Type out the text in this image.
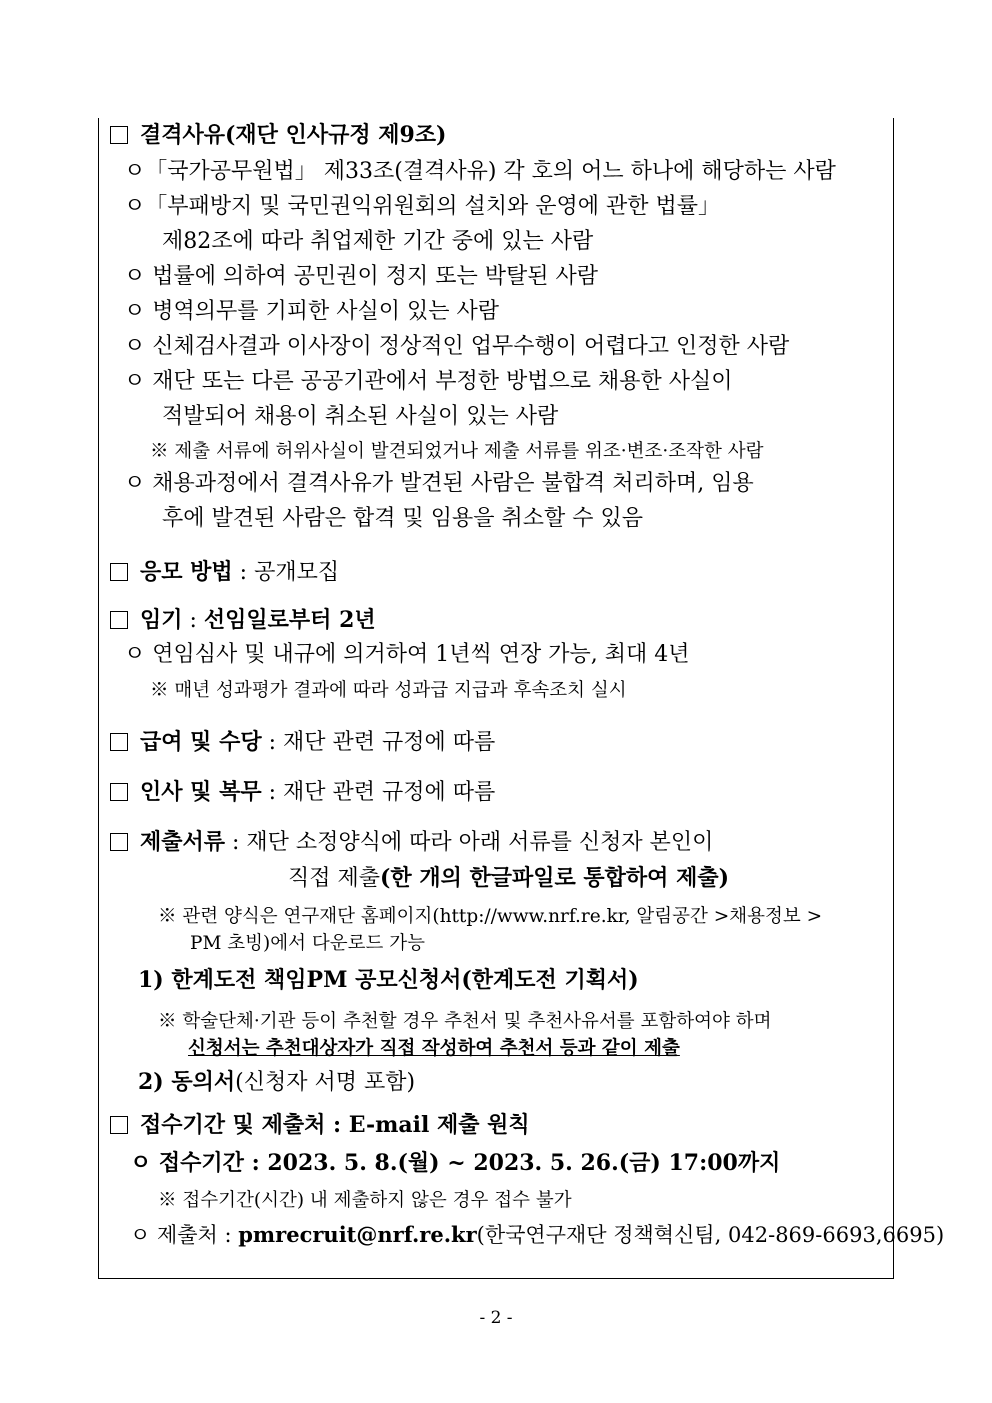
결격사유(재단 인사규정 제9조)
ㅇ「국가공무원법」 제33조(결격사유) 각 호의 어느 하나에 해당하는 사람
ㅇ「부패방지 및 국민권익위원회의 설치와 운영에 관한 법률」
제82조에 따라 취업제한 기간 중에 있는 사람
ㅇ 법률에 의하여 공민권이 정지 또는 박탈된 사람
ㅇ 병역의무를 기피한 사실이 있는 사람
ㅇ 신체검사결과 이사장이 정상적인 업무수행이 어렵다고 인정한 사람
ㅇ 재단 또는 다른 공공기관에서 부정한 방법으로 채용한 사실이
적발되어 채용이 취소된 사실이 있는 사람
※ 제출 서류에 허위사실이 발견되었거나 제출 서류를 위조·변조·조작한 사람
ㅇ 채용과정에서 결격사유가 발견된 사람은 불합격 처리하며, 임용
후에 발견된 사람은 합격 및 임용을 취소할 수 있음
응모 방법 : 공개모집
임기 : 선임일로부터 2년
ㅇ 연임심사 및 내규에 의거하여 1년씩 연장 가능, 최대 4년
※ 매년 성과평가 결과에 따라 성과급 지급과 후속조치 실시
급여 및 수당 : 재단 관련 규정에 따름
인사 및 복무 : 재단 관련 규정에 따름
제출서류 : 재단 소정양식에 따라 아래 서류를 신청자 본인이
직접 제출(한 개의 한글파일로 통합하여 제출)
※ 관련 양식은 연구재단 홈페이지(http://www.nrf.re.kr, 알림공간 >채용정보 >
PM 초빙)에서 다운로드 가능
1) 한계도전 책임PM 공모신청서(한계도전 기획서)
※ 학술단체·기관 등이 추천할 경우 추천서 및 추천사유서를 포함하여야 하며
신청서는 추천대상자가 직접 작성하여 추천서 등과 같이 제출
2) 동의서(신청자 서명 포함)
접수기간 및 제출처 : E-mail 제출 원칙
ㅇ 접수기간 : 2023. 5. 8.(월) ~ 2023. 5. 26.(금) 17:00까지
※ 접수기간(시간) 내 제출하지 않은 경우 접수 불가
ㅇ 제출처 : pmrecruit@nrf.re.kr(한국연구재단 정책혁신팀, 042-869-6693,6695)
- 2 -
